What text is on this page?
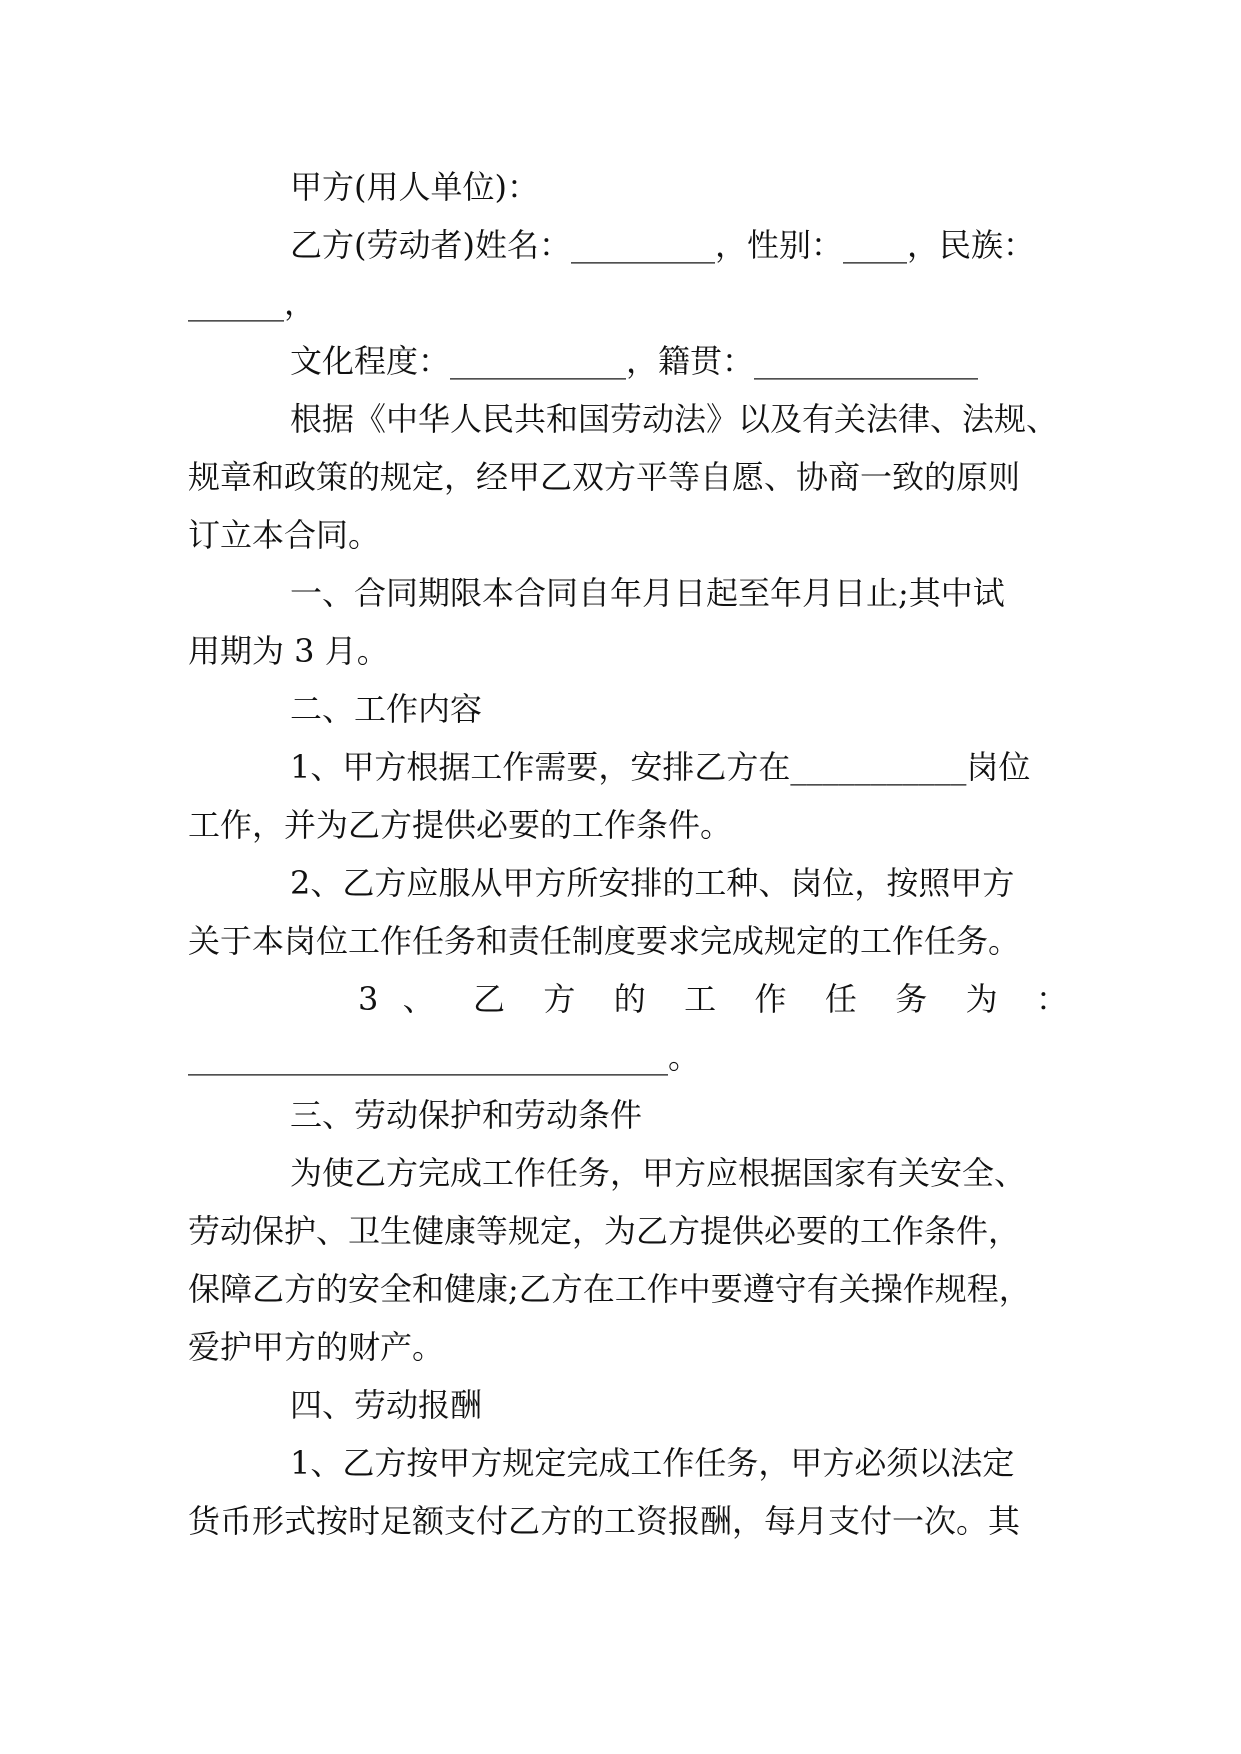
甲方(用人单位)：
乙方(劳动者)姓名：_________，性别：____，民族：
______，
文化程度：___________，籍贯：______________
根据《中华人民共和国劳动法》以及有关法律、法规、
规章和政策的规定，经甲乙双方平等自愿、协商一致的原则
订立本合同。
一、合同期限本合同自年月日起至年月日止;其中试
用期为 3 月。
二、工作内容
1、甲方根据工作需要，安排乙方在___________岗位
工作，并为乙方提供必要的工作条件。
2、乙方应服从甲方所安排的工种、岗位，按照甲方
关于本岗位工作任务和责任制度要求完成规定的工作任务。
3 、 乙 方 的 工 作 任 务 为 ：
______________________________。
三、劳动保护和劳动条件
为使乙方完成工作任务，甲方应根据国家有关安全、
劳动保护、卫生健康等规定，为乙方提供必要的工作条件，
保障乙方的安全和健康;乙方在工作中要遵守有关操作规程，
爱护甲方的财产。
四、劳动报酬
1、乙方按甲方规定完成工作任务，甲方必须以法定
货币形式按时足额支付乙方的工资报酬，每月支付一次。其
